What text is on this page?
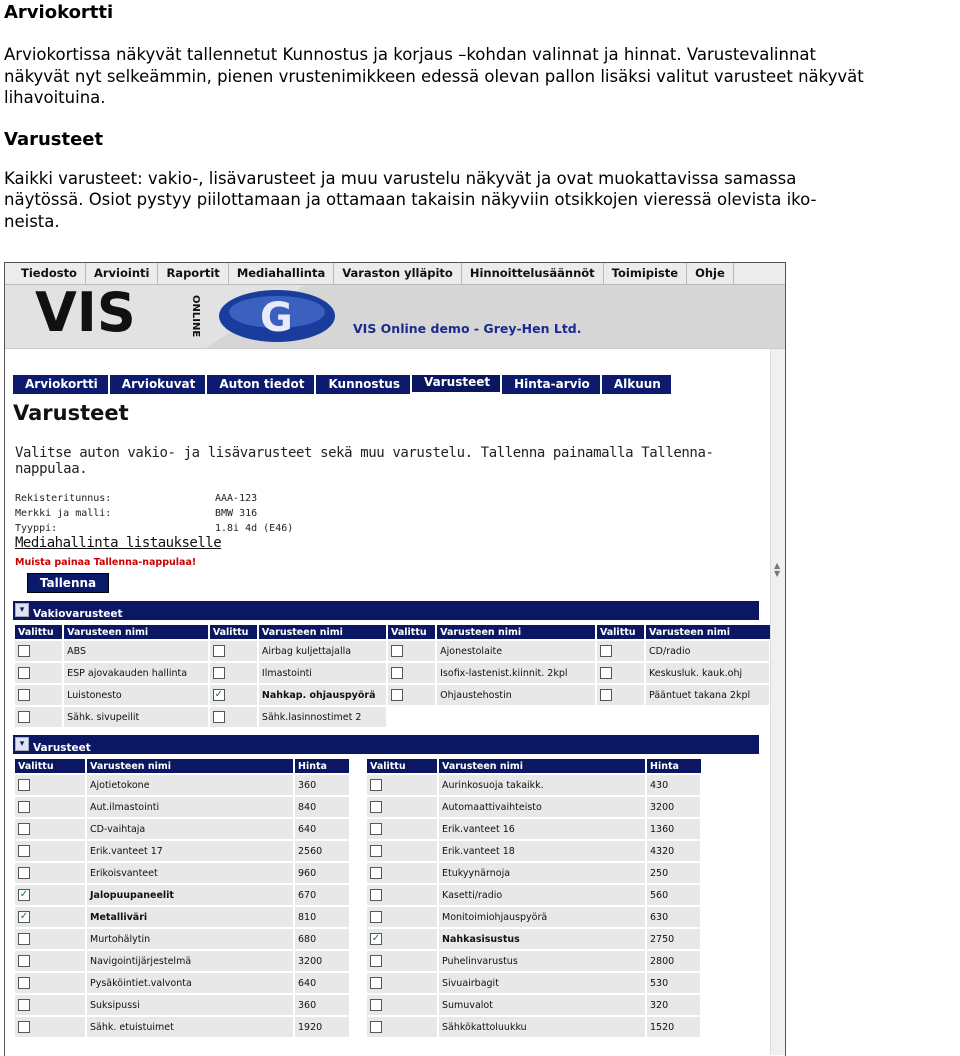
Arviokortti
Arviokortissa näkyvät tallennetut Kunnostus ja korjaus –kohdan valinnat ja hinnat. Varustevalinnat
näkyvät nyt selkeämmin, pienen vrustenimikkeen edessä olevan pallon lisäksi valitut varusteet näkyvät
lihavoituina.
Varusteet
Kaikki varusteet: vakio-, lisävarusteet ja muu varustelu näkyvät ja ovat muokattavissa samassa
näytössä. Osiot pystyy piilottamaan ja ottamaan takaisin näkyviin otsikkojen vieressä olevista iko-
neista.
Tiedosto	Arviointi	Raportit	Mediahallinta	Varaston ylläpito	Hinnoittelusäännöt	Toimipiste	Ohje
VIS	ONLINE G	VIS Online demo - Grey-Hen Ltd.
Arviokortti	Arviokuvat	Auton tiedot	Kunnostus	Varusteet	Hinta-arvio	Alkuun
Varusteet
Valitse auton vakio- ja lisävarusteet sekä muu varustelu. Tallenna painamalla Tallenna-nappulaa.
Rekisteritunnus:	AAA-123
Merkki ja malli:	BMW 316
Tyyppi:	1.8i 4d (E46)
Mediahallinta listaukselle
Muista painaa Tallenna-nappulaa!
Tallenna
▾ Vakiovarusteet
Valittu	Varusteen nimi	Valittu	Varusteen nimi	Valittu	Varusteen nimi	Valittu	Varusteen nimi
	ABS		Airbag kuljettajalla		Ajonestolaite		CD/radio
	ESP ajovakauden hallinta		Ilmastointi		Isofix-lastenist.kiinnit. 2kpl		Keskusluk. kauk.ohj
	Luistonesto	✓	Nahkap. ohjauspyörä		Ohjaustehostin		Pääntuet takana 2kpl
	Sähk. sivupeilit		Sähk.lasinnostimet 2				
▾ Varusteet
Valittu	Varusteen nimi	Hinta		Valittu	Varusteen nimi	Hinta
	Ajotietokone	360			Aurinkosuoja takaikk.	430
	Aut.ilmastointi	840			Automaattivaihteisto	3200
	CD-vaihtaja	640			Erik.vanteet 16	1360
	Erik.vanteet 17	2560			Erik.vanteet 18	4320
	Erikoisvanteet	960			Etukyynärnoja	250
✓	Jalopuupaneelit	670			Kasetti/radio	560
✓	Metalliväri	810			Monitoimiohjauspyörä	630
	Murtohälytin	680		✓	Nahkasisustus	2750
	Navigointijärjestelmä	3200			Puhelinvarustus	2800
	Pysäköintiet.valvonta	640			Sivuairbagit	530
	Suksipussi	360			Sumuvalot	320
	Sähk. etuistuimet	1920			Sähkökattoluukku	1520
▲
▼
